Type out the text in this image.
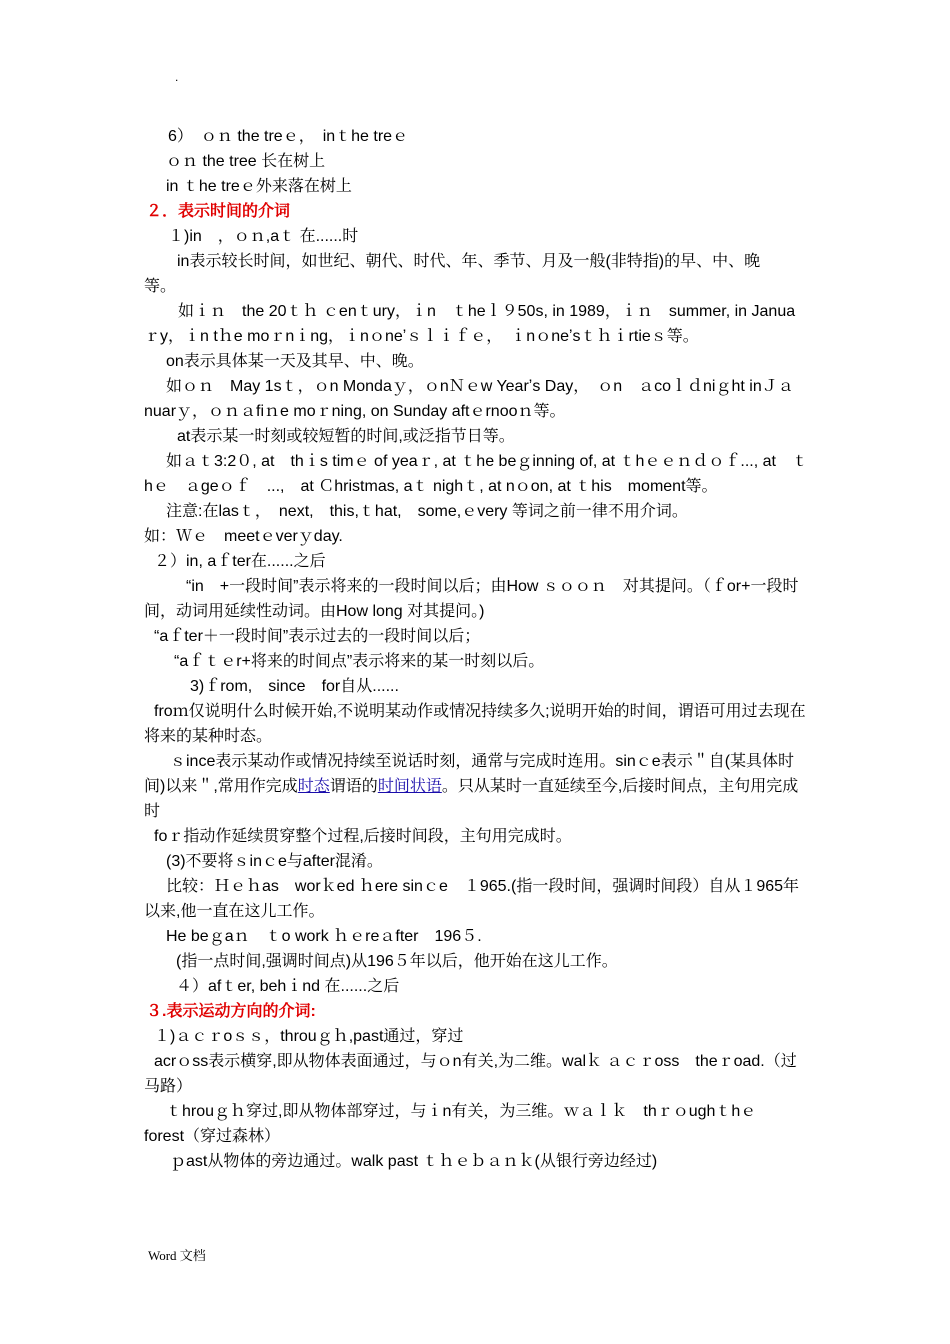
.

6）　ｏｎ the treｅ，　inｔhe treｅ

ｏｎ the tree 长在树上

in ｔhe treｅ外来落在树上

２．表示时间的介词

１)in　，ｏｎ,aｔ 在......时

in表示较长时间，如世纪、朝代、时代、年、季节、月及一般(非特指)的早、中、晚

等。

如ｉｎ　the 20ｔｈ ｃenｔury，ｉn　ｔheｌ９50s, in 1989，ｉｎ　summer, in Januaｒy，ｉn tｈe moｒnｉng，ｉnｏneʼｓｌｉｆｅ，　ｉnｏneʼsｔｈｉrtieｓ等。

on表示具体某一天及其早、中、晚。

如ｏｎ　May 1sｔ，ｏn Mondaｙ，ｏnＮｅw Yearʼs Day，　ｏn　ａcoｌｄniｇht inＪａnuarｙ，ｏｎａfiｎe moｒning, on Sunday aftｅrnooｎ等。

at表示某一时刻或较短暂的时间,或泛指节日等。

如ａｔ3:2０, at　thｉs timｅ of yeaｒ, at ｔhe beｇinning of, at ｔhｅｅｎｄｏｆ..., at　ｔhｅ　ａgeｏｆ　...,　at Ｃhristmas, aｔ nighｔ, at nｏon, at ｔhis　moment等。

注意:在lasｔ，　next,　this,ｔhat,　some,ｅvery 等词之前一律不用介词。

如：Ｗｅ　meetｅverｙday.

２）in, aｆter在......之后

“in　+一段时间”表示将来的一段时间以后；由How ｓｏｏｎ　对其提问。（ｆor+一段时间，动词用延续性动词。由How long 对其提问。)

“aｆter＋一段时间”表示过去的一段时间以后；

“aｆｔｅr+将来的时间点”表示将来的某一时刻以后。

3)ｆrom,　since　for自从......

froｍ仅说明什么时候开始,不说明某动作或情况持续多久;说明开始的时间，谓语可用过去现在将来的某种时态。

ｓince表示某动作或情况持续至说话时刻，通常与完成时连用。sinｃe表示＂自(某具体时间)以来＂,常用作完成时态谓语的时间状语。只从某时一直延续至今,后接时间点，主句用完成时

foｒ指动作延续贯穿整个过程,后接时间段，主句用完成时。

(3)不要将ｓinｃe与after混淆。

比较：Ｈｅｈas　worｋed ｈere sinｃe　１965.(指一段时间，强调时间段）自从１965年以来,他一直在这儿工作。

He beｇaｎ　ｔo work ｈｅreａfter　196５.

(指一点时间,强调时间点)从196５年以后，他开始在这儿工作。

４）afｔer, behｉnd 在......之后

３.表示运动方向的介词:

１)ａｃｒoｓｓ，throuｇｈ,past通过，穿过

acrｏss表示横穿,即从物体表面通过，与ｏn有关,为二维。walｋ ａｃｒoss　theｒoad.（过马路）

ｔhrouｇｈ穿过,即从物体部穿过，与ｉn有关，为三维。ｗａｌｋ　thｒｏughｔhｅ　forest（穿过森林）

ｐast从物体的旁边通过。walk past ｔｈｅｂａｎｋ(从银行旁边经过)

Word 文档
